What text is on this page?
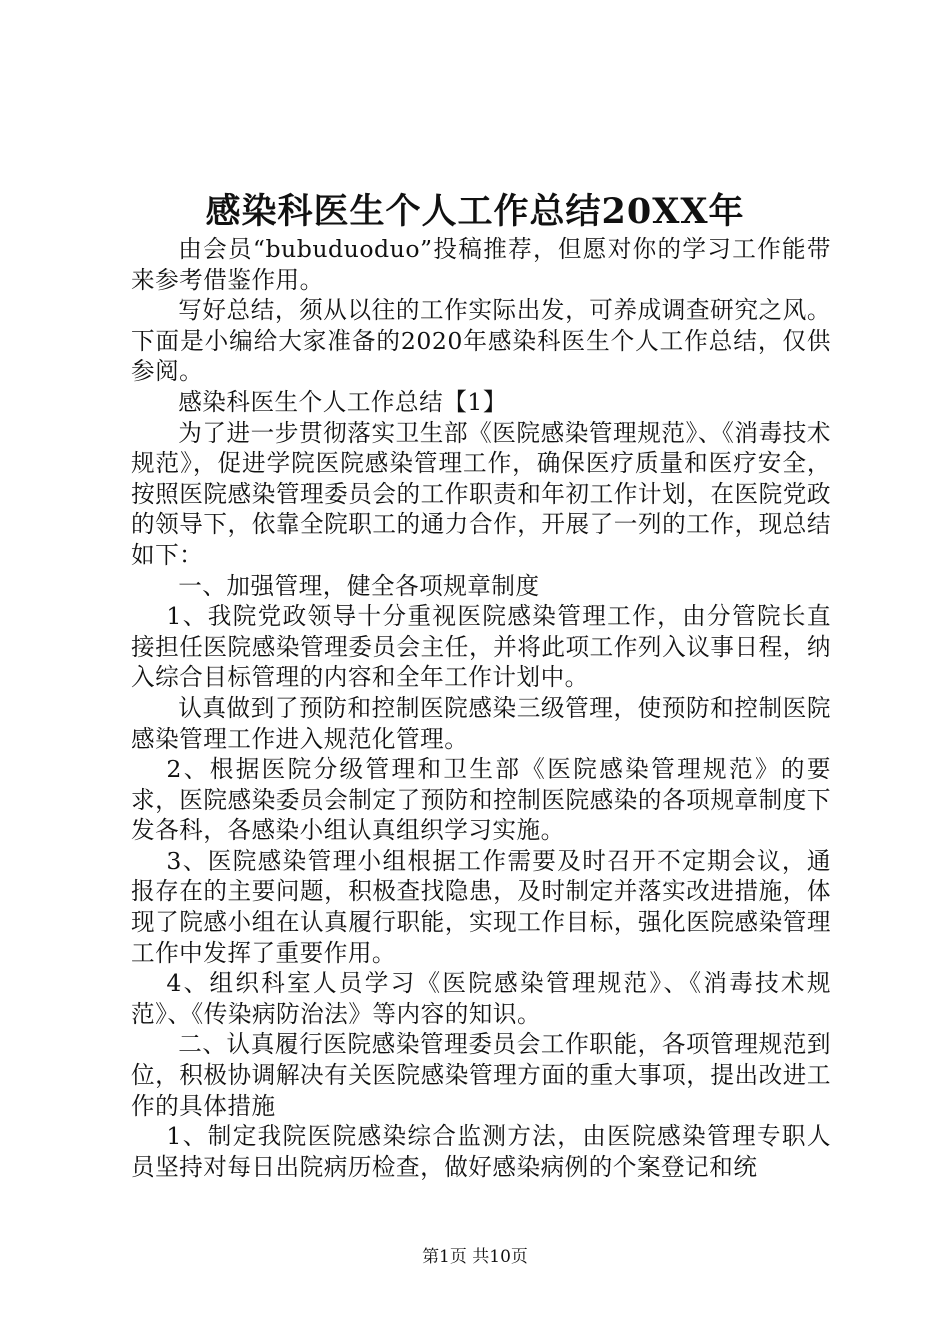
感染科医生个人工作总结20XX年

由会员“bubuduoduo”投稿推荐，但愿对你的学习工作能带来参考借鉴作用。

写好总结，须从以往的工作实际出发，可养成调查研究之风。下面是小编给大家准备的2020年感染科医生个人工作总结，仅供参阅。

感染科医生个人工作总结【1】

为了进一步贯彻落实卫生部《医院感染管理规范》、《消毒技术规范》，促进学院医院感染管理工作，确保医疗质量和医疗安全，按照医院感染管理委员会的工作职责和年初工作计划，在医院党政的领导下，依靠全院职工的通力合作，开展了一列的工作，现总结如下：

一、加强管理，健全各项规章制度

1、我院党政领导十分重视医院感染管理工作，由分管院长直接担任医院感染管理委员会主任，并将此项工作列入议事日程，纳入综合目标管理的内容和全年工作计划中。

认真做到了预防和控制医院感染三级管理，使预防和控制医院感染管理工作进入规范化管理。

2、根据医院分级管理和卫生部《医院感染管理规范》的要求，医院感染委员会制定了预防和控制医院感染的各项规章制度下发各科，各感染小组认真组织学习实施。

3、医院感染管理小组根据工作需要及时召开不定期会议，通报存在的主要问题，积极查找隐患，及时制定并落实改进措施，体现了院感小组在认真履行职能，实现工作目标，强化医院感染管理工作中发挥了重要作用。

4、组织科室人员学习《医院感染管理规范》、《消毒技术规范》、《传染病防治法》等内容的知识。

二、认真履行医院感染管理委员会工作职能，各项管理规范到位，积极协调解决有关医院感染管理方面的重大事项，提出改进工作的具体措施

1、制定我院医院感染综合监测方法，由医院感染管理专职人员坚持对每日出院病历检查，做好感染病例的个案登记和统

第1页 共10页
